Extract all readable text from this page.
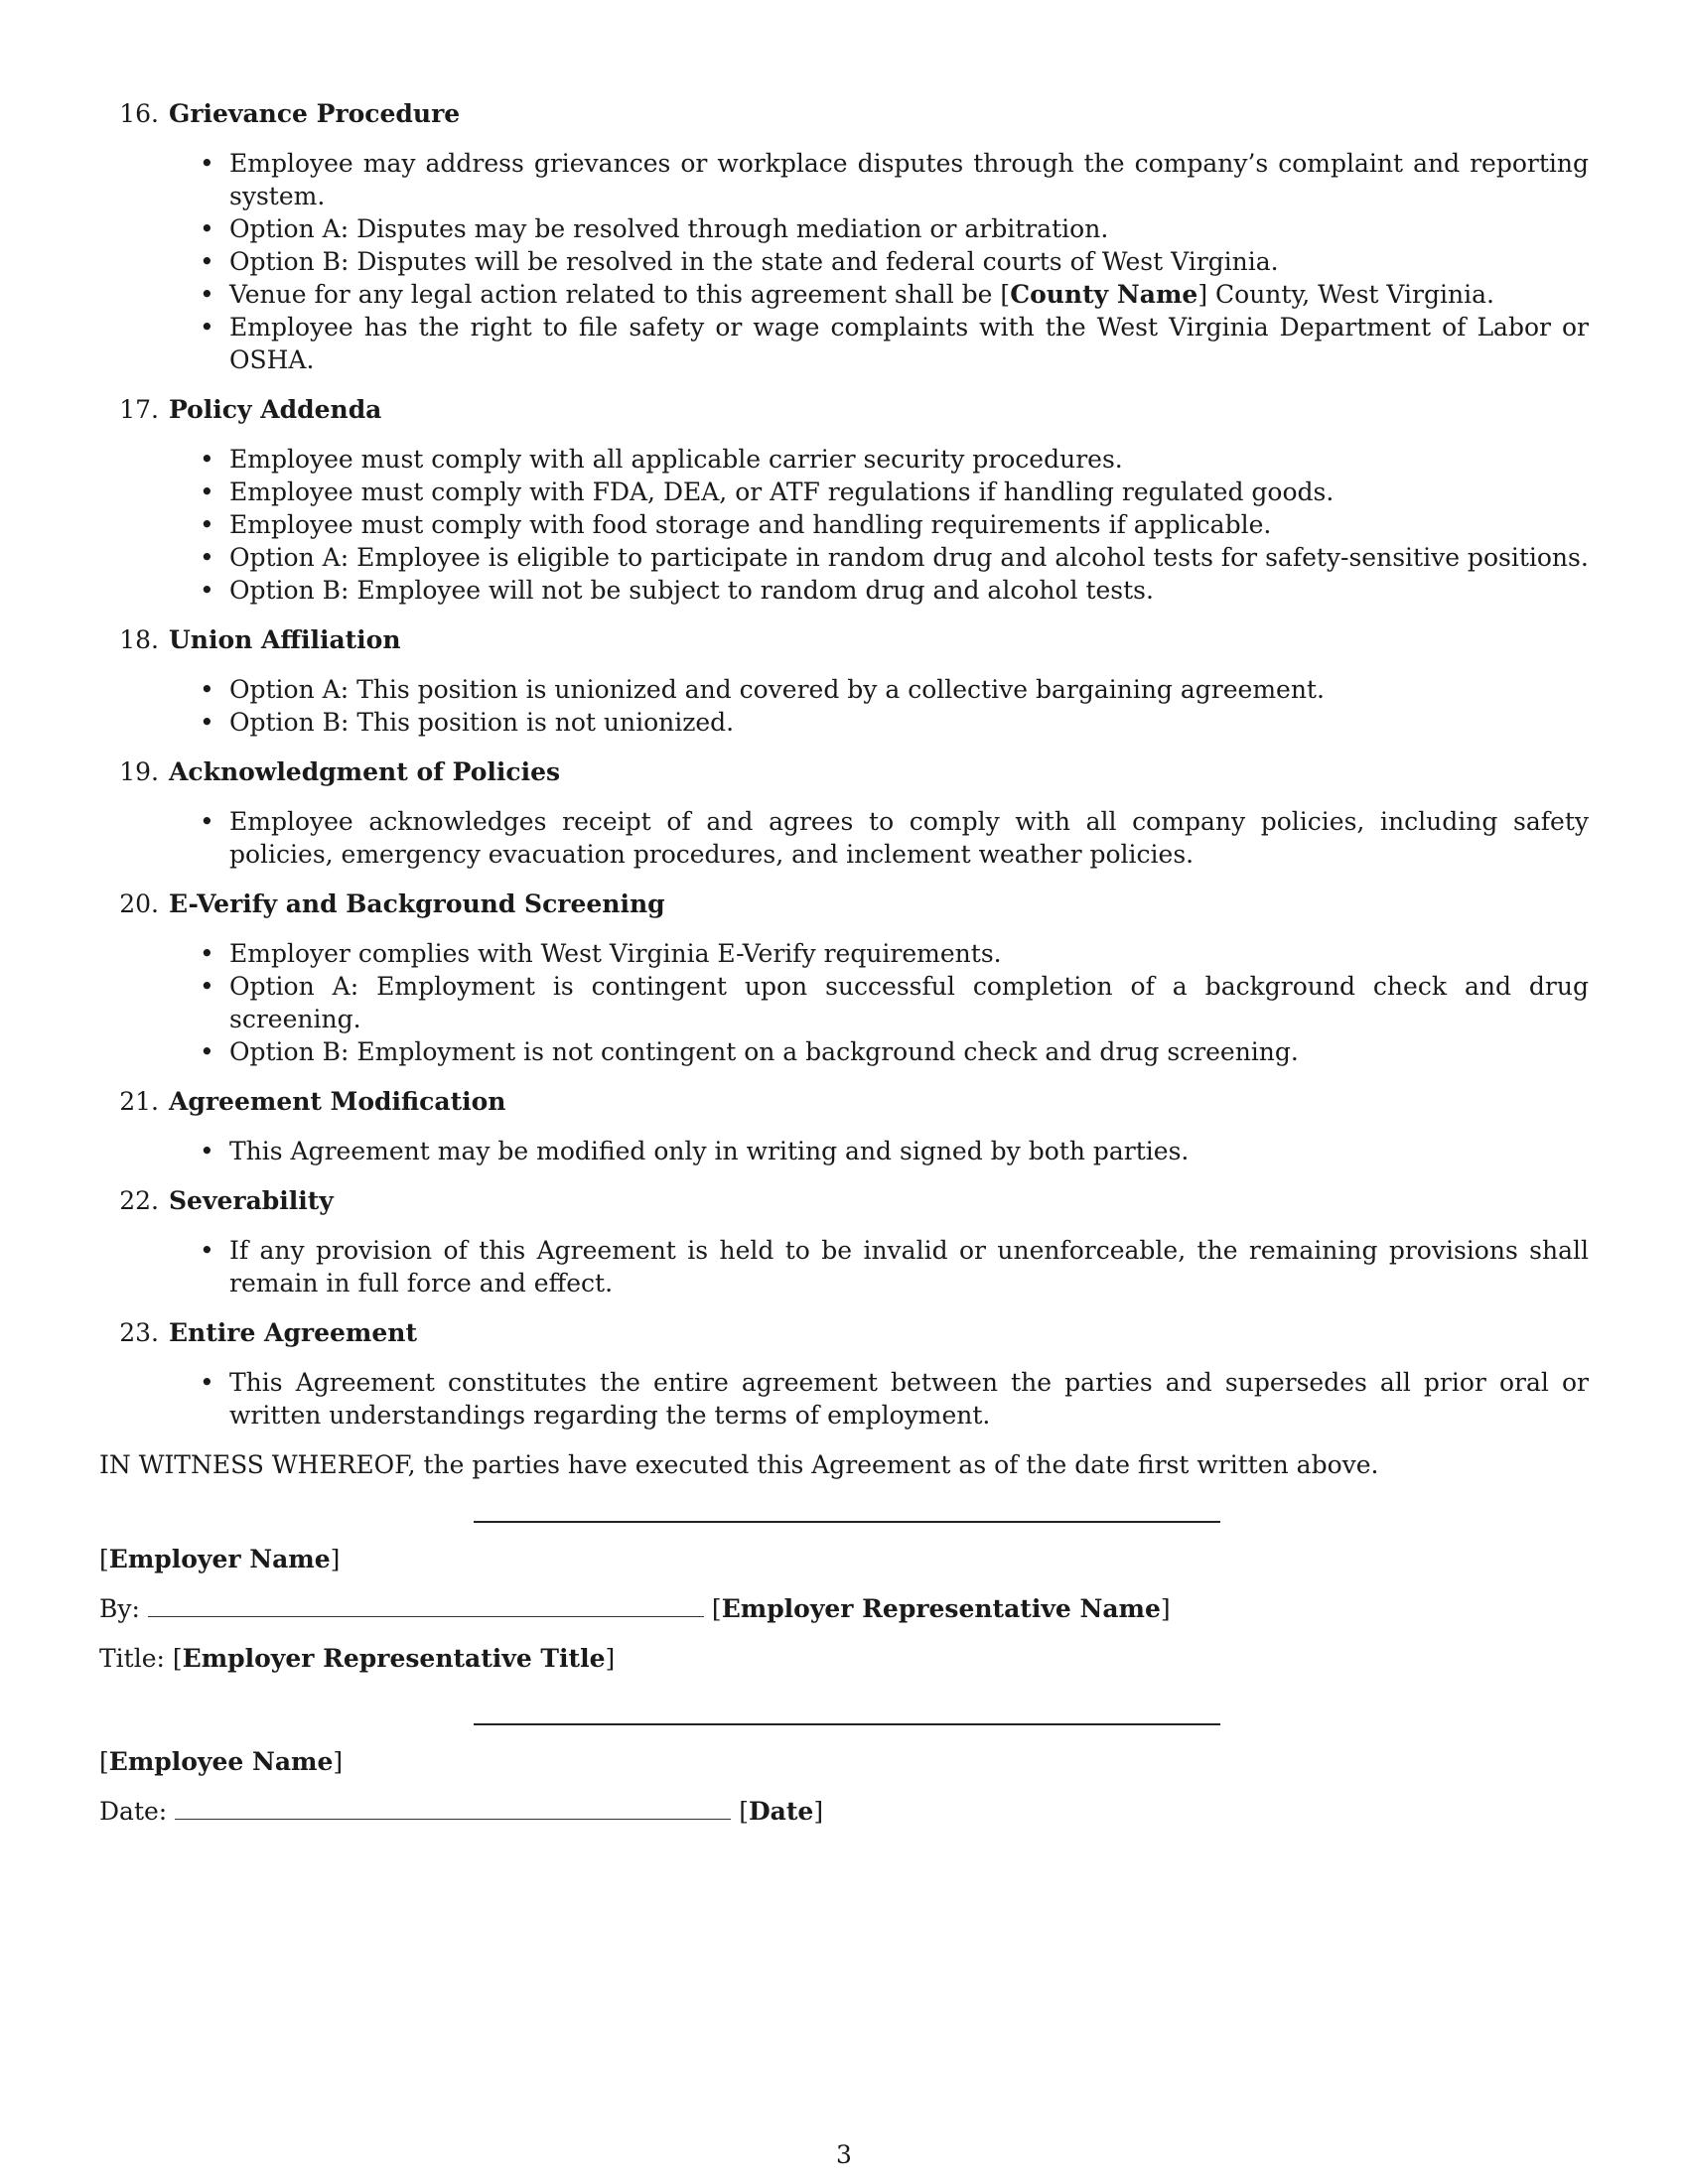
16. Grievance Procedure
• Employee may address grievances or workplace disputes through the company’s complaint and reporting system.
• Option A: Disputes may be resolved through mediation or arbitration.
• Option B: Disputes will be resolved in the state and federal courts of West Virginia.
• Venue for any legal action related to this agreement shall be [County Name] County, West Virginia.
• Employee has the right to file safety or wage complaints with the West Virginia Department of Labor or OSHA.
17. Policy Addenda
• Employee must comply with all applicable carrier security procedures.
• Employee must comply with FDA, DEA, or ATF regulations if handling regulated goods.
• Employee must comply with food storage and handling requirements if applicable.
• Option A: Employee is eligible to participate in random drug and alcohol tests for safety-sensitive positions.
• Option B: Employee will not be subject to random drug and alcohol tests.
18. Union Affiliation
• Option A: This position is unionized and covered by a collective bargaining agreement.
• Option B: This position is not unionized.
19. Acknowledgment of Policies
• Employee acknowledges receipt of and agrees to comply with all company policies, including safety policies, emergency evacuation procedures, and inclement weather policies.
20. E-Verify and Background Screening
• Employer complies with West Virginia E-Verify requirements.
• Option A: Employment is contingent upon successful completion of a background check and drug screening.
• Option B: Employment is not contingent on a background check and drug screening.
21. Agreement Modification
• This Agreement may be modified only in writing and signed by both parties.
22. Severability
• If any provision of this Agreement is held to be invalid or unenforceable, the remaining provisions shall remain in full force and effect.
23. Entire Agreement
• This Agreement constitutes the entire agreement between the parties and supersedes all prior oral or written understandings regarding the terms of employment.

IN WITNESS WHEREOF, the parties have executed this Agreement as of the date first written above.

[Employer Name]
By:	[Employer Representative Name]
Title: [Employer Representative Title]
[Employee Name]
Date:	[Date]
3
